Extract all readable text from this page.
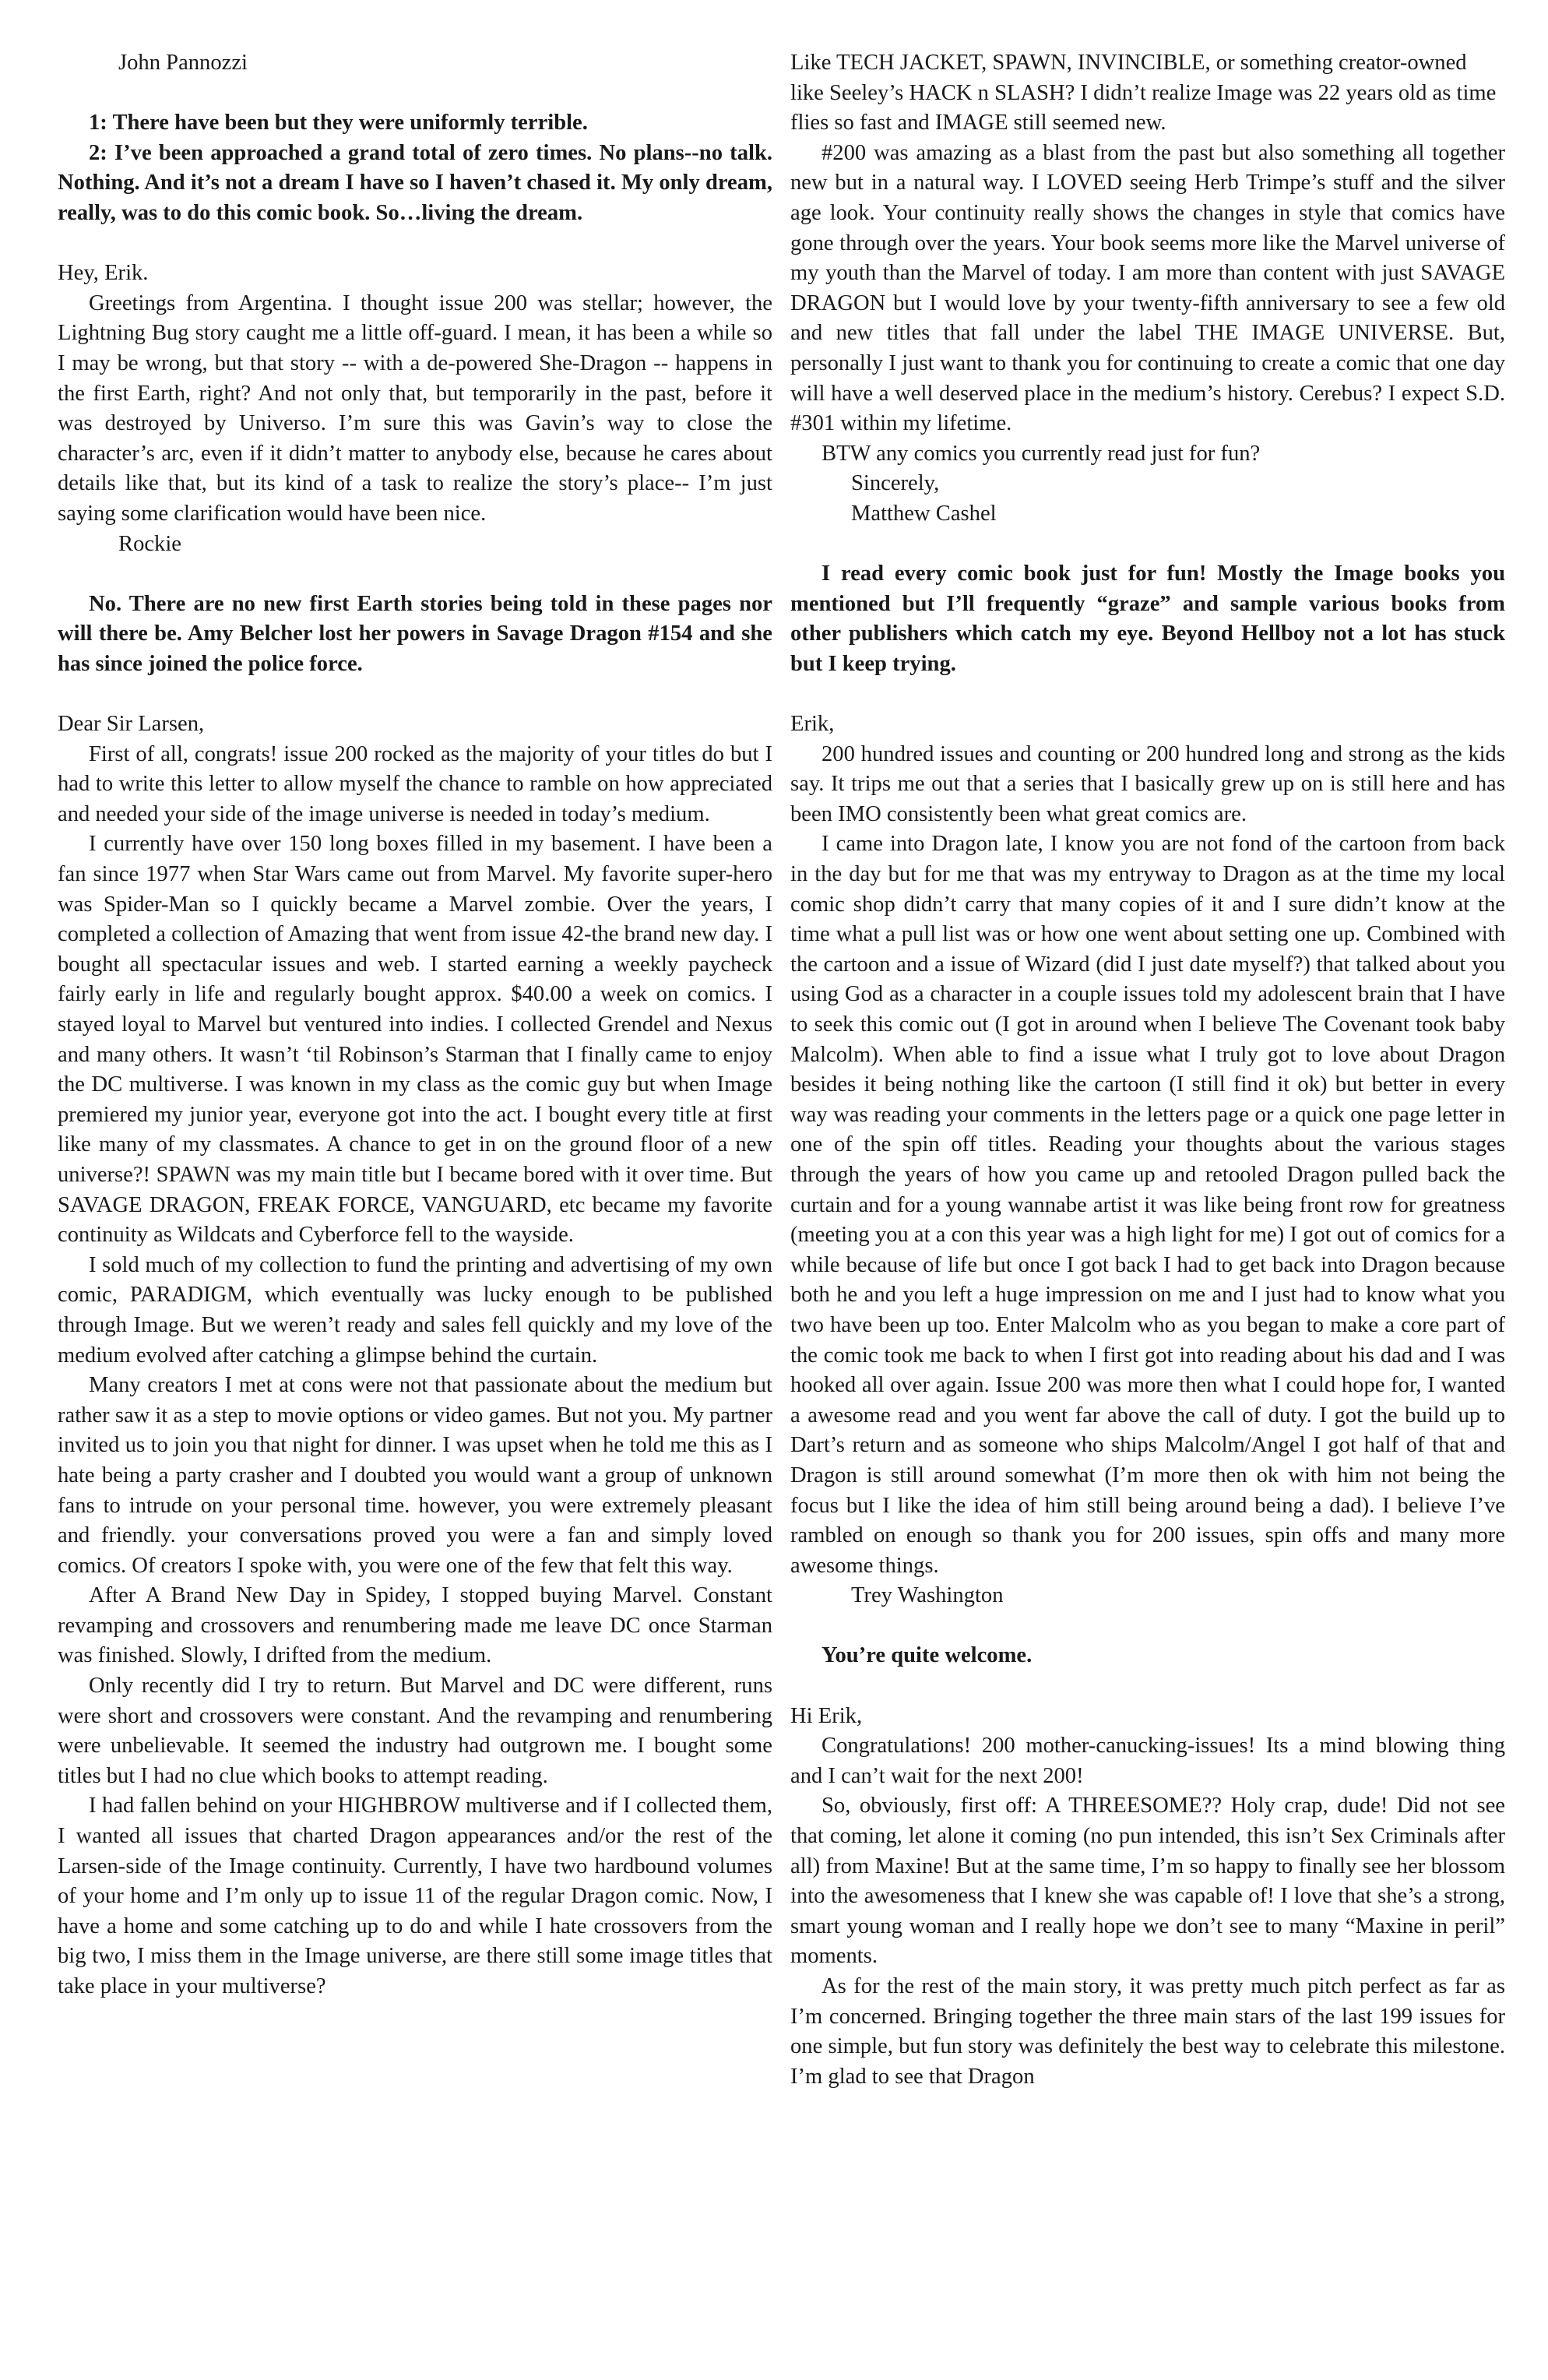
John Pannozzi

1: There have been but they were uniformly terrible.

2: I’ve been approached a grand total of zero times. No plans--no talk. Nothing. And it’s not a dream I have so I haven’t chased it. My only dream, really, was to do this comic book. So…living the dream.

Hey, Erik.

Greetings from Argentina. I thought issue 200 was stellar; however, the Lightning Bug story caught me a little off-guard. I mean, it has been a while so I may be wrong, but that story -- with a de-powered She-Dragon -- happens in the first Earth, right? And not only that, but temporarily in the past, before it was destroyed by Universo. I’m sure this was Gavin’s way to close the character’s arc, even if it didn’t matter to anybody else, because he cares about details like that, but its kind of a task to realize the story’s place-- I’m just saying some clarification would have been nice.

Rockie

No. There are no new first Earth stories being told in these pages nor will there be. Amy Belcher lost her powers in Savage Dragon #154 and she has since joined the police force.

Dear Sir Larsen,

First of all, congrats! issue 200 rocked as the majority of your titles do but I had to write this letter to allow myself the chance to ramble on how appreciated and needed your side of the image universe is needed in today’s medium.

I currently have over 150 long boxes filled in my basement. I have been a fan since 1977 when Star Wars came out from Marvel. My favorite super-hero was Spider-Man so I quickly became a Marvel zombie. Over the years, I completed a collection of Amazing that went from issue 42-the brand new day. I bought all spectacular issues and web. I started earning a weekly paycheck fairly early in life and regularly bought approx. $40.00 a week on comics. I stayed loyal to Marvel but ventured into indies. I collected Grendel and Nexus and many others. It wasn’t ‘til Robinson’s Starman that I finally came to enjoy the DC multiverse. I was known in my class as the comic guy but when Image premiered my junior year, everyone got into the act. I bought every title at first like many of my classmates. A chance to get in on the ground floor of a new universe?! SPAWN was my main title but I became bored with it over time. But SAVAGE DRAGON, FREAK FORCE, VANGUARD, etc became my favorite continuity as Wildcats and Cyberforce fell to the wayside.

I sold much of my collection to fund the printing and advertising of my own comic, PARADIGM, which eventually was lucky enough to be published through Image. But we weren’t ready and sales fell quickly and my love of the medium evolved after catching a glimpse behind the curtain.

Many creators I met at cons were not that passionate about the medium but rather saw it as a step to movie options or video games. But not you. My partner invited us to join you that night for dinner. I was upset when he told me this as I hate being a party crasher and I doubted you would want a group of unknown fans to intrude on your personal time. however, you were extremely pleasant and friendly. your conversations proved you were a fan and simply loved comics. Of creators I spoke with, you were one of the few that felt this way.

After A Brand New Day in Spidey, I stopped buying Marvel. Constant revamping and crossovers and renumbering made me leave DC once Starman was finished. Slowly, I drifted from the medium.

Only recently did I try to return. But Marvel and DC were different, runs were short and crossovers were constant. And the revamping and renumbering were unbelievable. It seemed the industry had outgrown me. I bought some titles but I had no clue which books to attempt reading.

I had fallen behind on your HIGHBROW multiverse and if I collected them, I wanted all issues that charted Dragon appearances and/or the rest of the Larsen-side of the Image continuity. Currently, I have two hardbound volumes of your home and I’m only up to issue 11 of the regular Dragon comic. Now, I have a home and some catching up to do and while I hate crossovers from the big two, I miss them in the Image universe, are there still some image titles that take place in your multiverse?

Like TECH JACKET, SPAWN, INVINCIBLE, or something creator-owned like Seeley’s HACK n SLASH? I didn’t realize Image was 22 years old as time flies so fast and IMAGE still seemed new.

#200 was amazing as a blast from the past but also something all together new but in a natural way. I LOVED seeing Herb Trimpe’s stuff and the silver age look. Your continuity really shows the changes in style that comics have gone through over the years. Your book seems more like the Marvel universe of my youth than the Marvel of today. I am more than content with just SAVAGE DRAGON but I would love by your twenty-fifth anniversary to see a few old and new titles that fall under the label THE IMAGE UNIVERSE. But, personally I just want to thank you for continuing to create a comic that one day will have a well deserved place in the medium’s history. Cerebus? I expect S.D. #301 within my lifetime.

BTW any comics you currently read just for fun?

Sincerely,

Matthew Cashel

I read every comic book just for fun! Mostly the Image books you mentioned but I’ll frequently “graze” and sample various books from other publishers which catch my eye. Beyond Hellboy not a lot has stuck but I keep trying.

Erik,

200 hundred issues and counting or 200 hundred long and strong as the kids say. It trips me out that a series that I basically grew up on is still here and has been IMO consistently been what great comics are.

I came into Dragon late, I know you are not fond of the cartoon from back in the day but for me that was my entryway to Dragon as at the time my local comic shop didn’t carry that many copies of it and I sure didn’t know at the time what a pull list was or how one went about setting one up. Combined with the cartoon and a issue of Wizard (did I just date myself?) that talked about you using God as a character in a couple issues told my adolescent brain that I have to seek this comic out (I got in around when I believe The Covenant took baby Malcolm). When able to find a issue what I truly got to love about Dragon besides it being nothing like the cartoon (I still find it ok) but better in every way was reading your comments in the letters page or a quick one page letter in one of the spin off titles. Reading your thoughts about the various stages through the years of how you came up and retooled Dragon pulled back the curtain and for a young wannabe artist it was like being front row for greatness (meeting you at a con this year was a high light for me) I got out of comics for a while because of life but once I got back I had to get back into Dragon because both he and you left a huge impression on me and I just had to know what you two have been up too. Enter Malcolm who as you began to make a core part of the comic took me back to when I first got into reading about his dad and I was hooked all over again. Issue 200 was more then what I could hope for, I wanted a awesome read and you went far above the call of duty. I got the build up to Dart’s return and as someone who ships Malcolm/Angel I got half of that and Dragon is still around somewhat (I’m more then ok with him not being the focus but I like the idea of him still being around being a dad). I believe I’ve rambled on enough so thank you for 200 issues, spin offs and many more awesome things.

Trey Washington

You’re quite welcome.

Hi Erik,

Congratulations! 200 mother-canucking-issues! Its a mind blowing thing and I can’t wait for the next 200!

So, obviously, first off: A THREESOME?? Holy crap, dude! Did not see that coming, let alone it coming (no pun intended, this isn’t Sex Criminals after all) from Maxine! But at the same time, I’m so happy to finally see her blossom into the awesomeness that I knew she was capable of! I love that she’s a strong, smart young woman and I really hope we don’t see to many “Maxine in peril” moments.

As for the rest of the main story, it was pretty much pitch perfect as far as I’m concerned. Bringing together the three main stars of the last 199 issues for one simple, but fun story was definitely the best way to celebrate this milestone. I’m glad to see that Dragon
